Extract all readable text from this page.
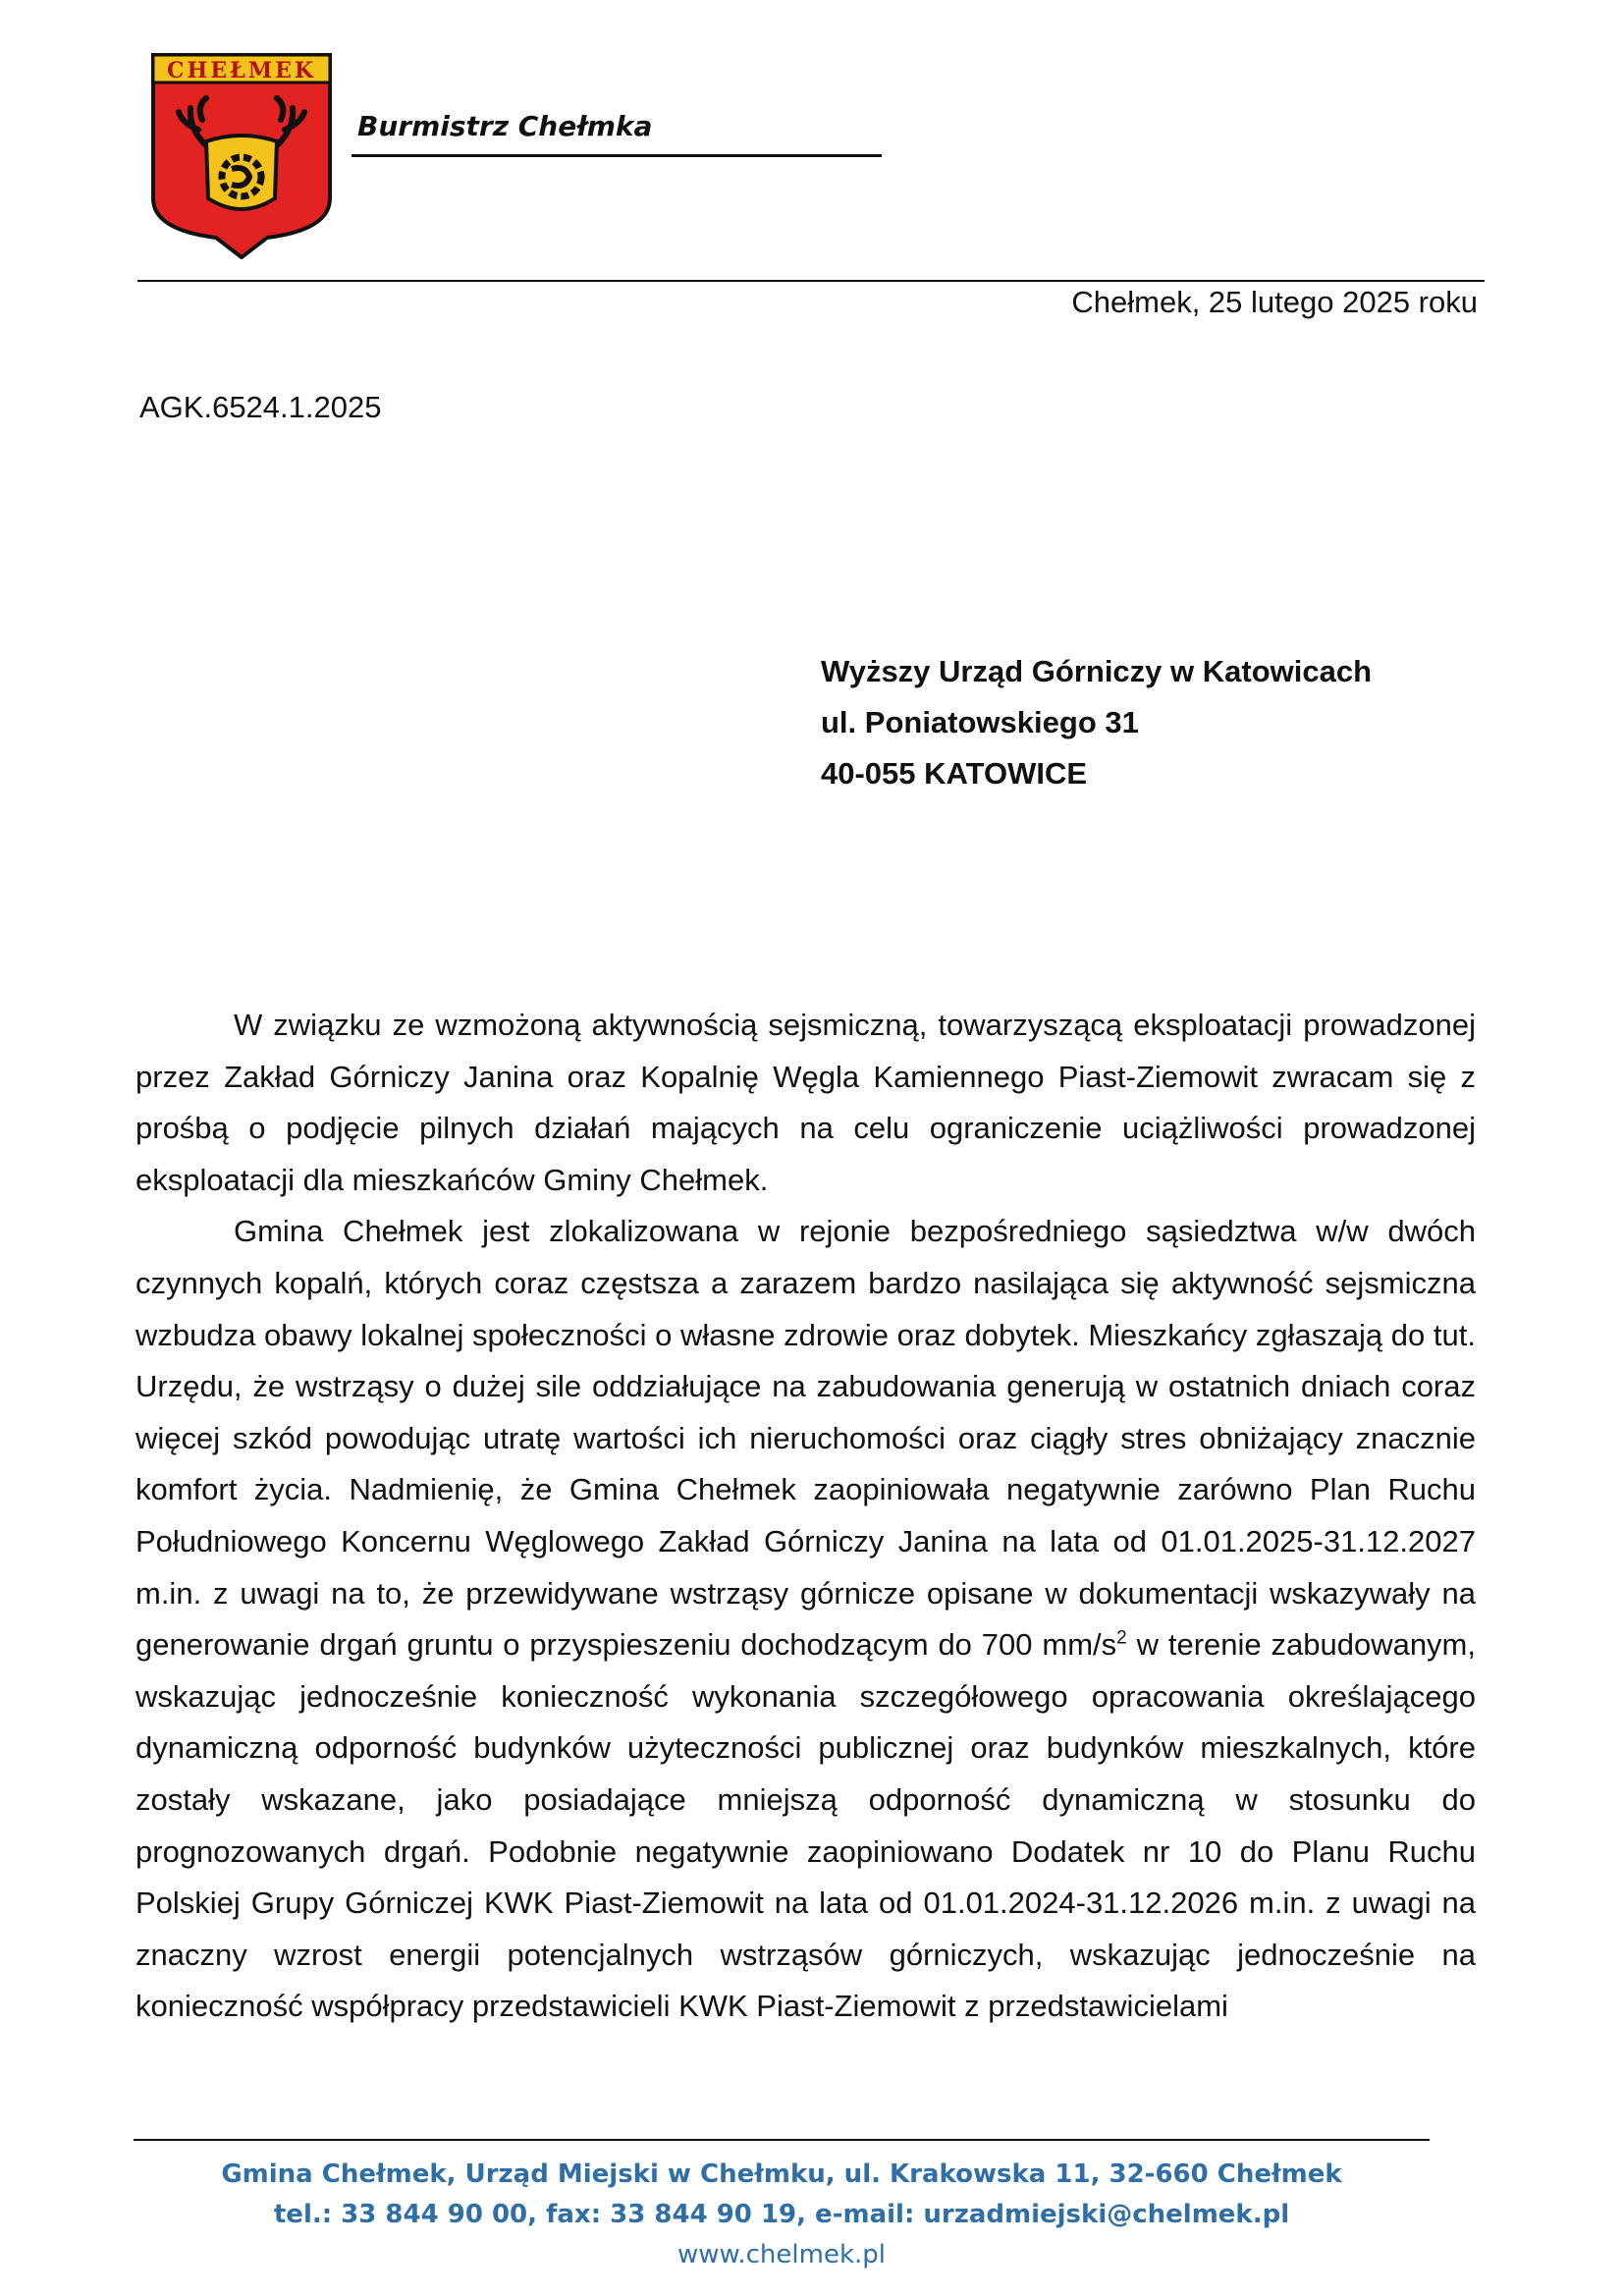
CHEŁMEK
Burmistrz Chełmka
Chełmek, 25 lutego 2025 roku
AGK.6524.1.2025
Wyższy Urząd Górniczy w Katowicach
ul. Poniatowskiego 31
40-055 KATOWICE

W związku ze wzmożoną aktywnością sejsmiczną, towarzyszącą eksploatacji prowadzonej przez Zakład Górniczy Janina oraz Kopalnię Węgla Kamiennego Piast-Ziemowit zwracam się z prośbą o podjęcie pilnych działań mających na celu ograniczenie uciążliwości prowadzonej eksploatacji dla mieszkańców Gminy Chełmek.

Gmina Chełmek jest zlokalizowana w rejonie bezpośredniego sąsiedztwa w/w dwóch czynnych kopalń, których coraz częstsza a zarazem bardzo nasilająca się aktywność sejsmiczna wzbudza obawy lokalnej społeczności o własne zdrowie oraz dobytek. Mieszkańcy zgłaszają do tut. Urzędu, że wstrząsy o dużej sile oddziałujące na zabudowania generują w ostatnich dniach coraz więcej szkód powodując utratę wartości ich nieruchomości oraz ciągły stres obniżający znacznie komfort życia. Nadmienię, że Gmina Chełmek zaopiniowała negatywnie zarówno Plan Ruchu Południowego Koncernu Węglowego Zakład Górniczy Janina na lata od 01.01.2025-31.12.2027 m.in. z uwagi na to, że przewidywane wstrząsy górnicze opisane w dokumentacji wskazywały na generowanie drgań gruntu o przyspieszeniu dochodzącym do 700 $mm/s^2$ w terenie zabudowanym, wskazując jednocześnie konieczność wykonania szczegółowego opracowania określającego dynamiczną odporność budynków użyteczności publicznej oraz budynków mieszkalnych, które zostały wskazane, jako posiadające mniejszą odporność dynamiczną w stosunku do prognozowanych drgań. Podobnie negatywnie zaopiniowano Dodatek nr 10 do Planu Ruchu Polskiej Grupy Górniczej KWK Piast-Ziemowit na lata od 01.01.2024-31.12.2026 m.in. z uwagi na znaczny wzrost energii potencjalnych wstrząsów górniczych, wskazując jednocześnie na konieczność współpracy przedstawicieli KWK Piast-Ziemowit z przedstawicielami

Gmina Chełmek, Urząd Miejski w Chełmku, ul. Krakowska 11, 32-660 Chełmek
tel.: 33 844 90 00, fax: 33 844 90 19, e-mail: urzadmiejski@chelmek.pl
www.chelmek.pl
